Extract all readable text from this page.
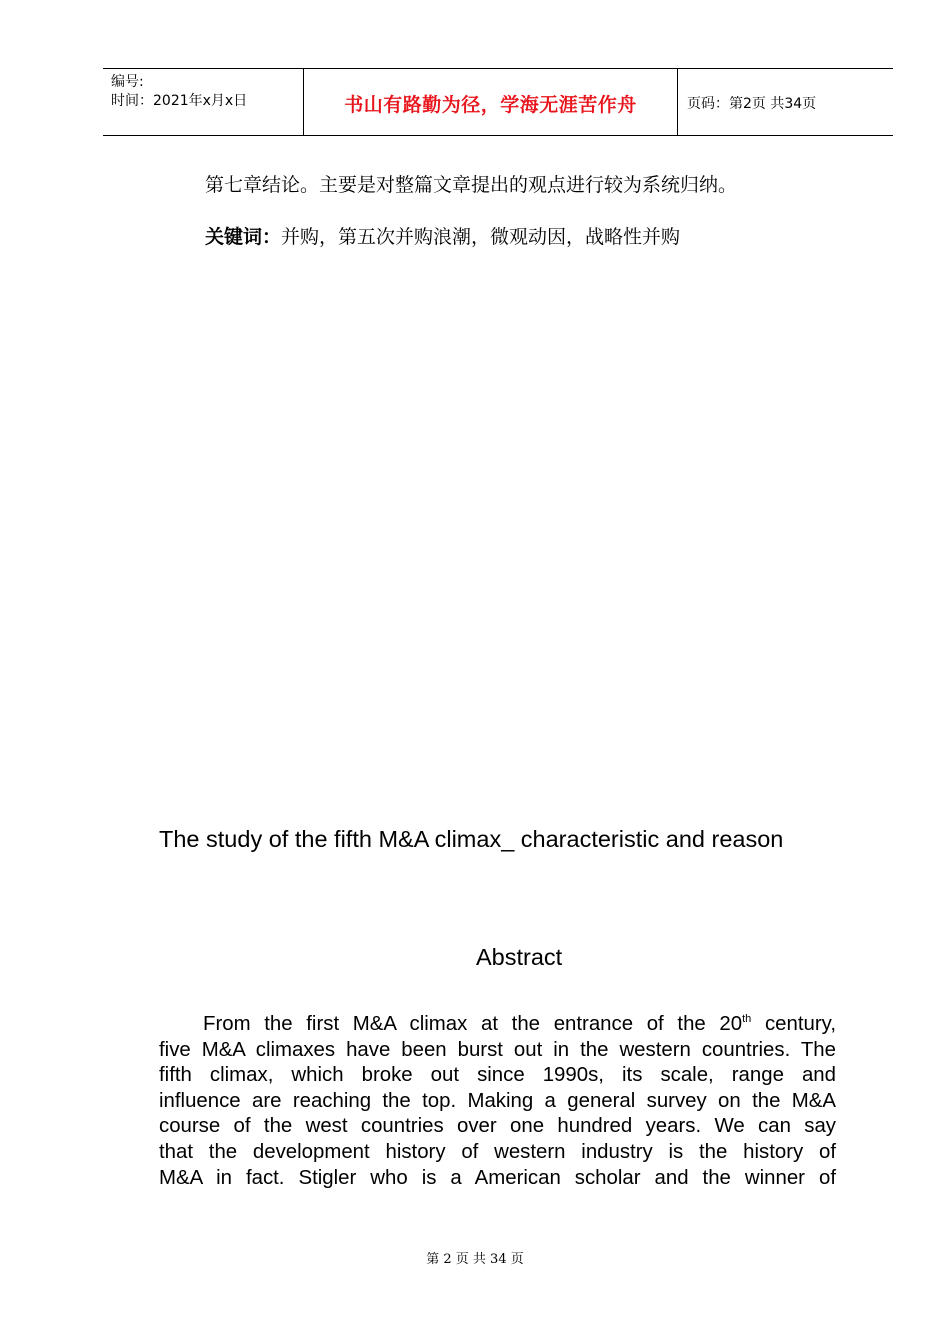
编号:
时间：2021年x月x日	书山有路勤为径，学海无涯苦作舟	页码：第2页 共34页
第七章结论。主要是对整篇文章提出的观点进行较为系统归纳。
关键词：并购，第五次并购浪潮，微观动因，战略性并购
The study of the fifth M&A climax_ characteristic and reason
Abstract
From the first M&A climax at the entrance of the 20th century,
five M&A climaxes have been burst out in the western countries. The
fifth climax, which broke out since 1990s, its scale, range and
influence are reaching the top. Making a general survey on the M&A
course of the west countries over one hundred years. We can say
that the development history of western industry is the history of
M&A in fact. Stigler who is a American scholar and the winner of
第 2 页 共 34 页
